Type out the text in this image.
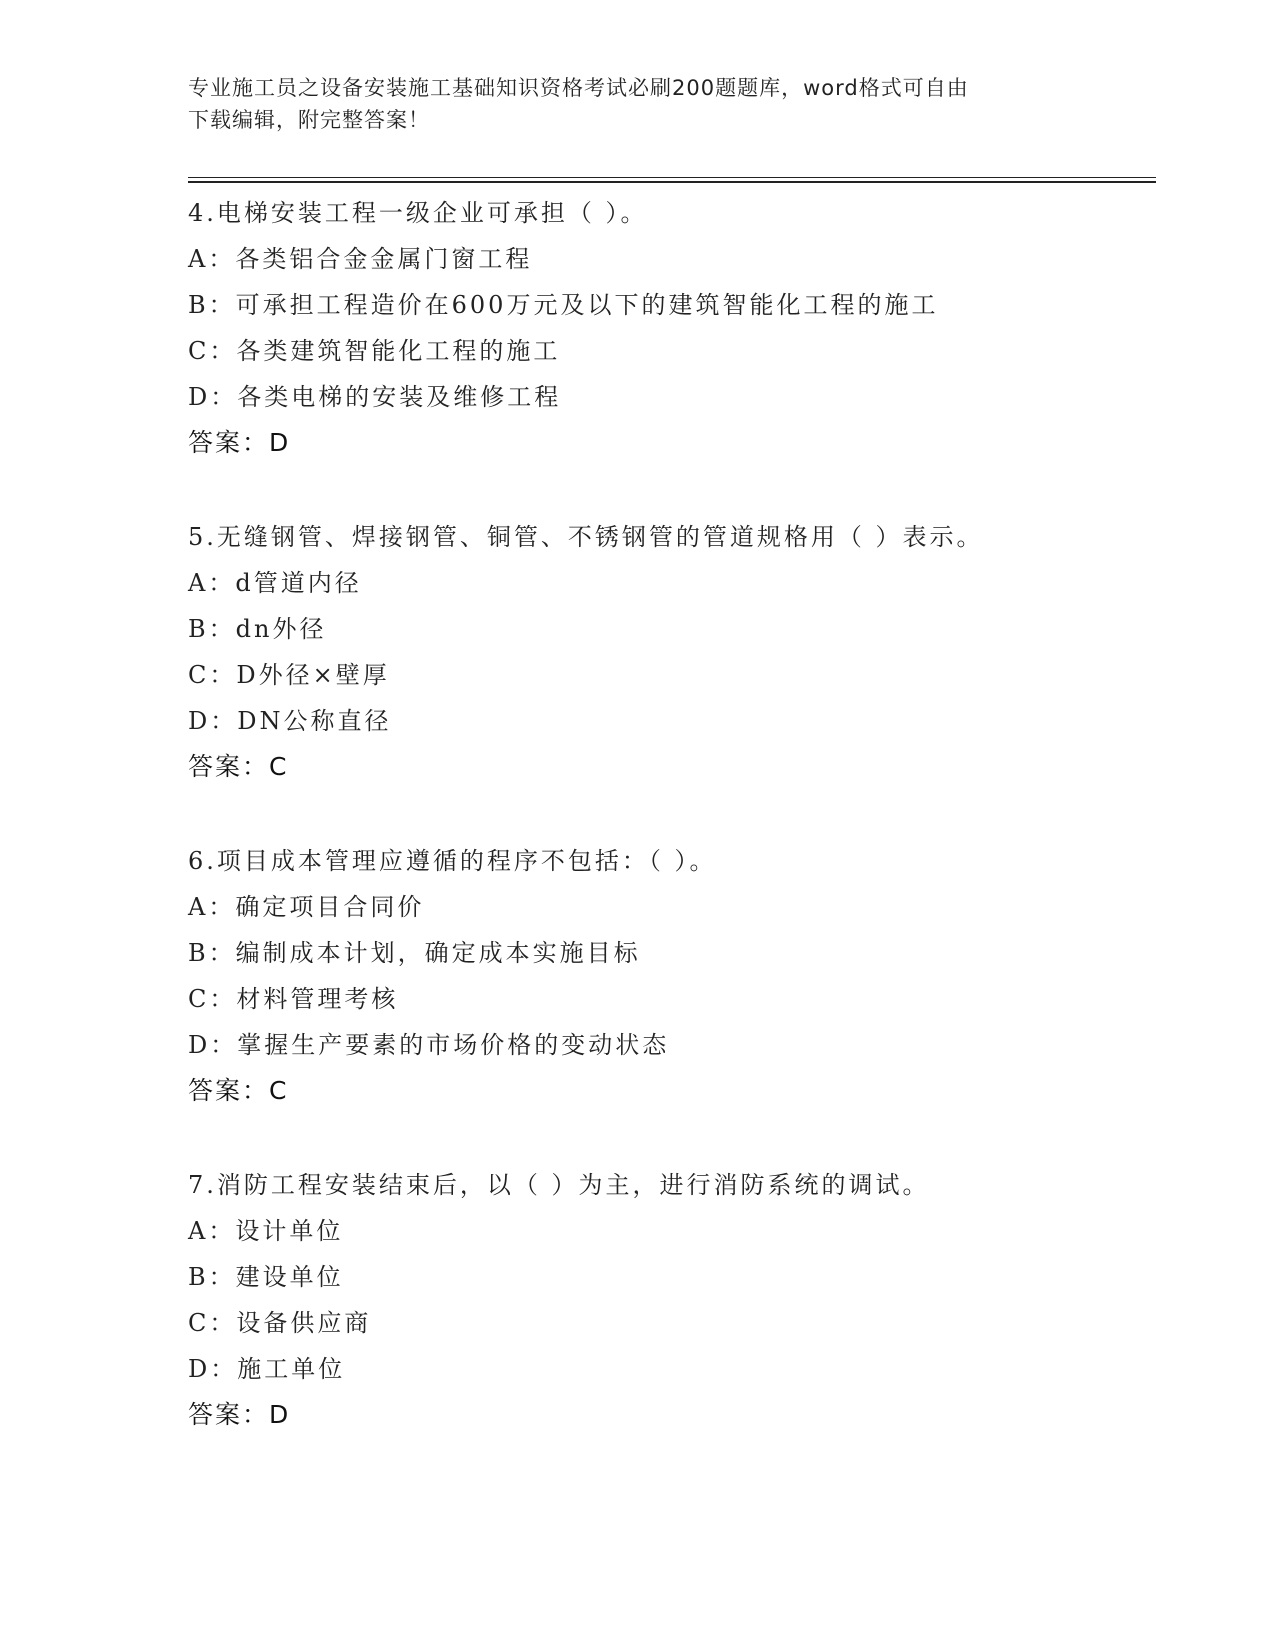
专业施工员之设备安装施工基础知识资格考试必刷200题题库，word格式可自由
下载编辑，附完整答案！
4.电梯安装工程一级企业可承担（ ）。
A：各类铝合金金属门窗工程
B：可承担工程造价在600万元及以下的建筑智能化工程的施工
C：各类建筑智能化工程的施工
D：各类电梯的安装及维修工程
答案：D
5.无缝钢管、焊接钢管、铜管、不锈钢管的管道规格用（ ）表示。
A：d管道内径
B：dn外径
C：D外径×壁厚
D：DN公称直径
答案：C
6.项目成本管理应遵循的程序不包括：（ ）。
A：确定项目合同价
B：编制成本计划，确定成本实施目标
C：材料管理考核
D：掌握生产要素的市场价格的变动状态
答案：C
7.消防工程安装结束后，以（ ）为主，进行消防系统的调试。
A：设计单位
B：建设单位
C：设备供应商
D：施工单位
答案：D
